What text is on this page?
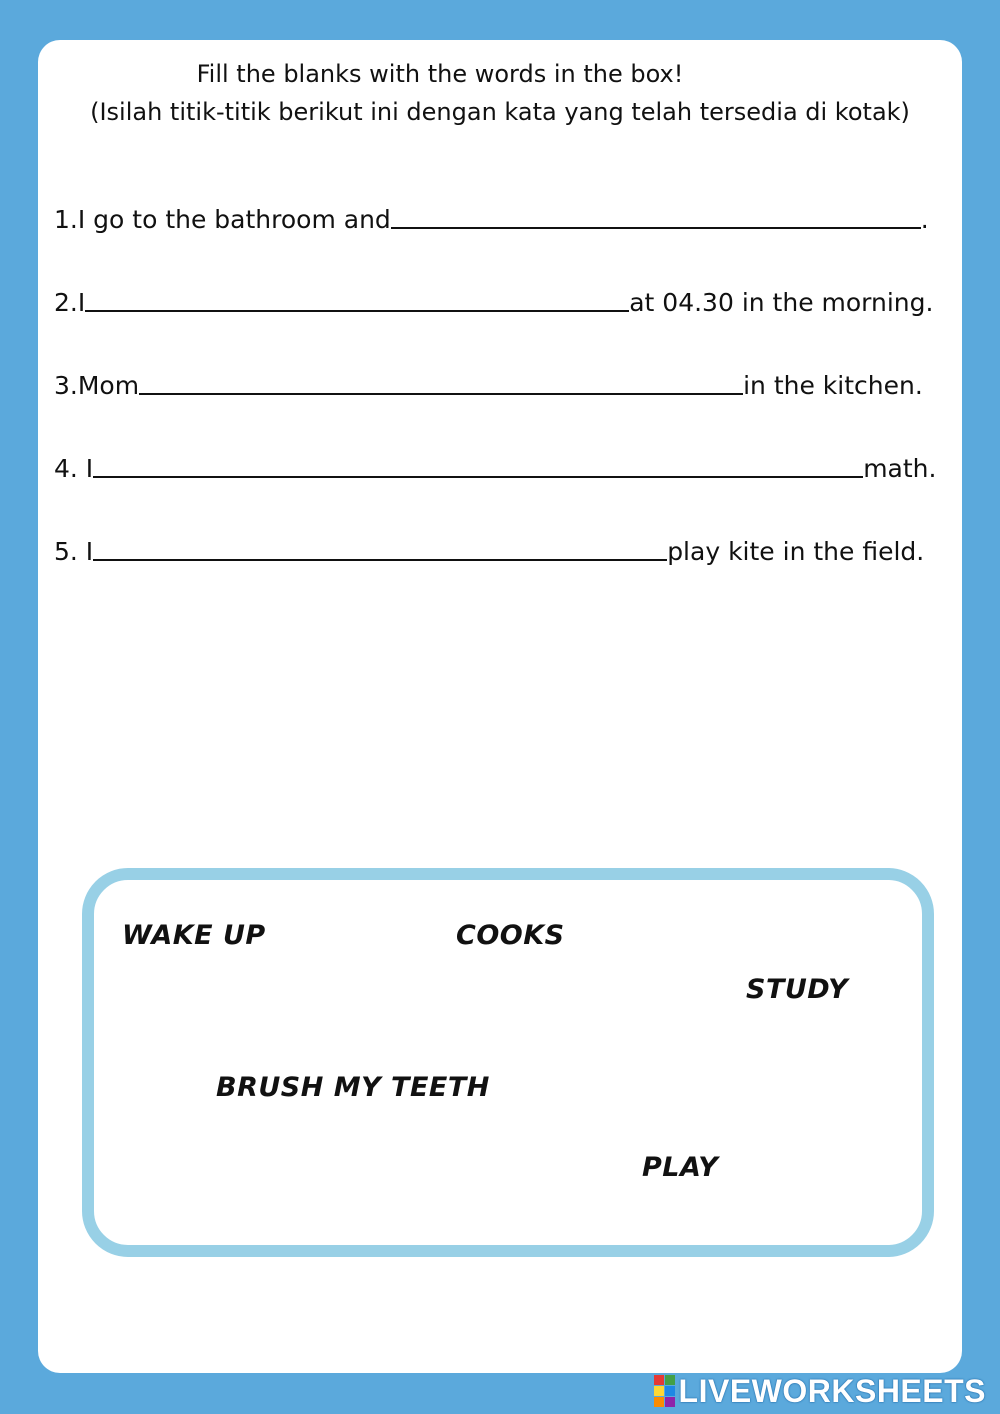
Fill the blanks with the words in the box!

(Isilah titik-titik berikut ini dengan kata yang telah tersedia di kotak)

1.I go to the bathroom and	.
2.I	at 04.30 in the morning.
3.Mom	in the kitchen.
4. I	math.
5. I	play kite in the field.

WAKE UP	COOKS

STUDY

BRUSH MY TEETH

PLAY

LIVEWORKSHEETS
